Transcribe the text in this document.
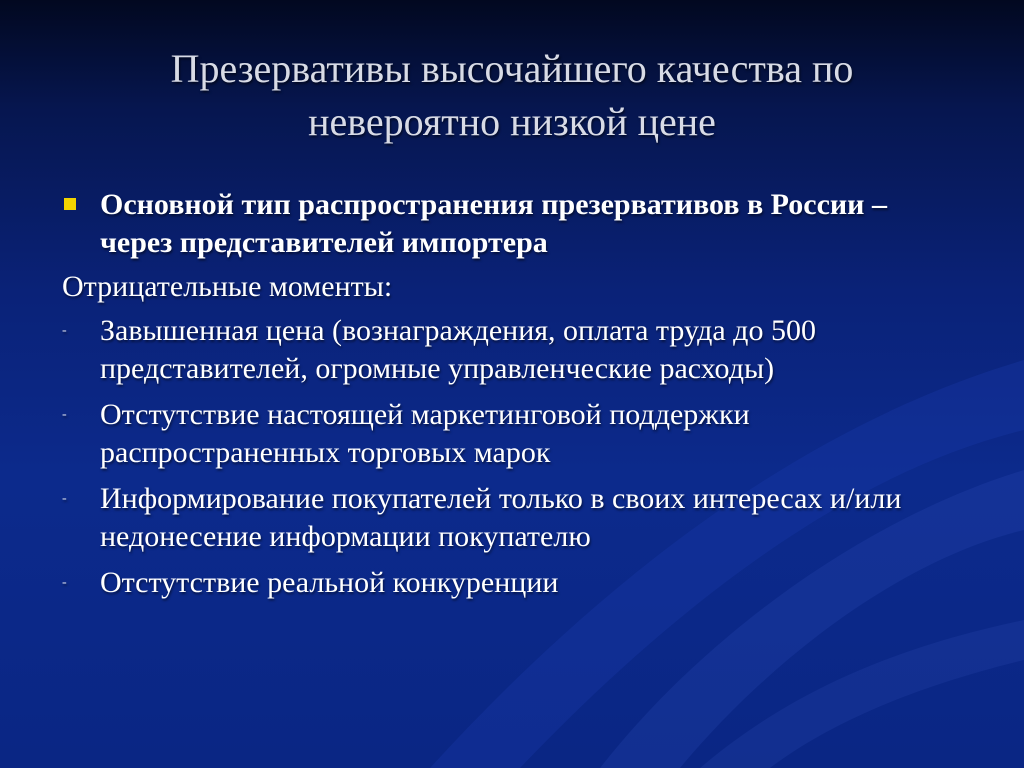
Презервативы высочайшего качества по невероятно низкой цене
Основной тип распространения презервативов в России – через представителей импортера
Отрицательные моменты:
- Завышенная цена (вознаграждения, оплата труда до 500 представителей, огромные управленческие расходы)
- Отстутствие настоящей маркетинговой поддержки распространенных торговых марок
- Информирование покупателей только в своих интересах и/или недонесение информации покупателю
- Отстутствие реальной конкуренции
